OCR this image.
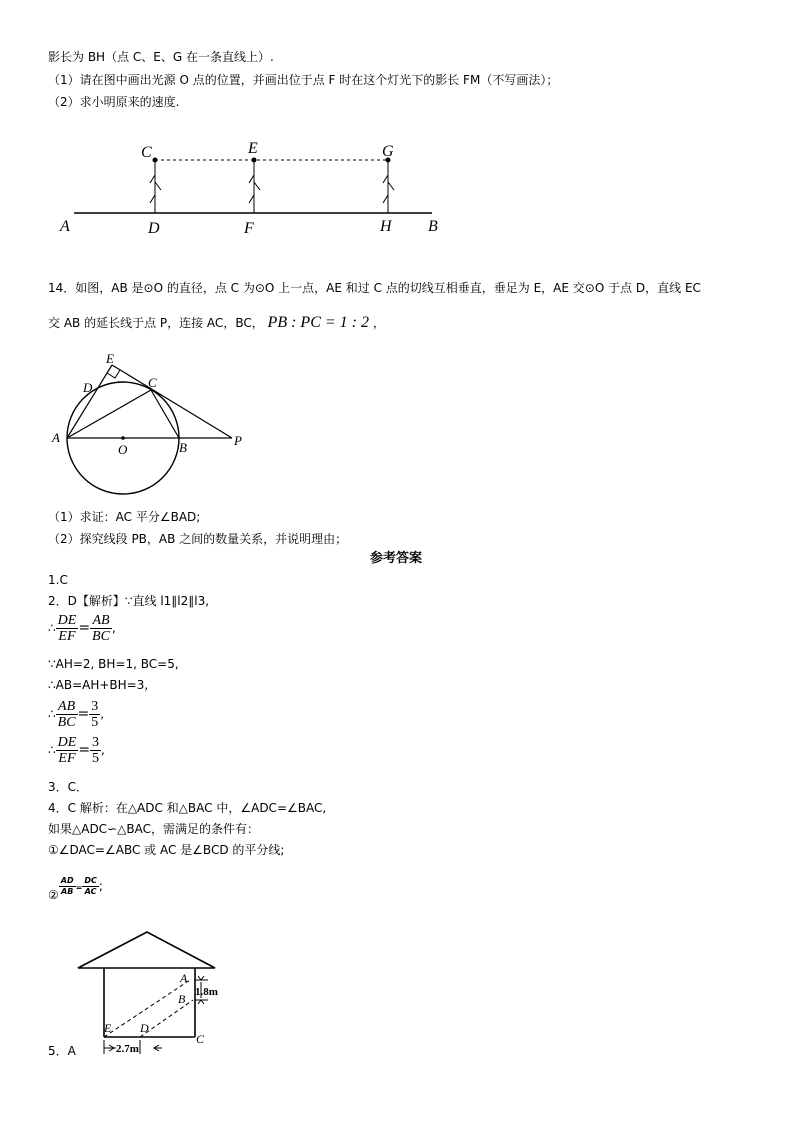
影长为 BH（点 C、E、G 在一条直线上）.
（1）请在图中画出光源 O 点的位置，并画出位于点 F 时在这个灯光下的影长 FM（不写画法）；
（2）求小明原来的速度.
C	E	G
A	D	F	H B
14．如图，AB 是⊙O 的直径，点 C 为⊙O 上一点，AE 和过 C 点的切线互相垂直，垂足为 E，AE 交⊙O 于点 D，直线 EC
交 AB 的延长线于点 P，连接 AC，BC， PB : PC = 1 : 2 ，
E
D	C
A
O	B	P
（1）求证：AC 平分∠BAD;
（2）探究线段 PB，AB 之间的数量关系，并说明理由；
参考答案
1.C
2．D【解析】∵直线 l1∥l2∥l3,
∴ $\frac{DE}{EF} = \frac{AB}{BC}$ ,
∵AH=2, BH=1, BC=5,
∴AB=AH+BH=3,
∴ $\frac{AB}{BC} = \frac{3}{5}$ ,
∴ $\frac{DE}{EF} = \frac{3}{5}$ ,
3．C．
4．C 解析：在△ADC 和△BAC 中，∠ADC=∠BAC,
如果△ADC∽△BAC，需满足的条件有：
①∠DAC=∠ABC 或 AC 是∠BCD 的平分线;
② $\frac{AD}{AB} = \frac{DC}{AC}$ ;
A
B
C
D
E
1.8m
2.7m
5．A
